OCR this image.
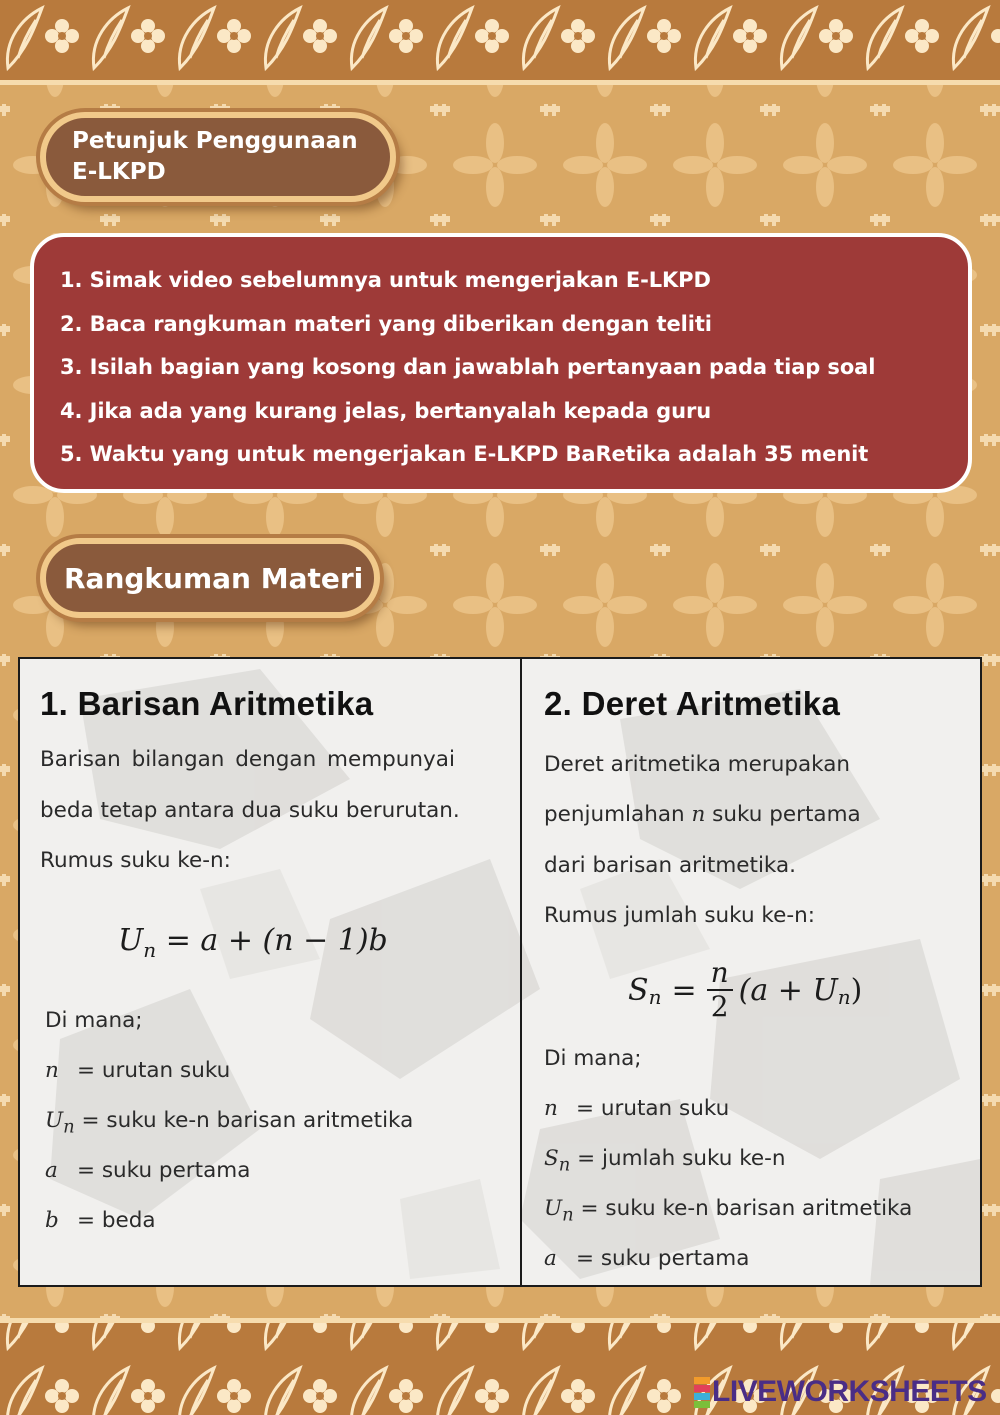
Petunjuk Penggunaan
E-LKPD
1. Simak video sebelumnya untuk mengerjakan E-LKPD
2. Baca rangkuman materi yang diberikan dengan teliti
3. Isilah bagian yang kosong dan jawablah pertanyaan pada tiap soal
4. Jika ada yang kurang jelas, bertanyalah kepada guru
5. Waktu yang untuk mengerjakan E-LKPD BaRetika adalah 35 menit
Rangkuman Materi
1. Barisan Aritmetika
Barisan bilangan dengan mempunyai
beda tetap antara dua suku berurutan.
Rumus suku ke-n:
$U_n = a + (n - 1)b$
Di mana;
n = urutan suku
$U_n$ = suku ke-n barisan aritmetika
a = suku pertama
b = beda
2. Deret Aritmetika
Deret aritmetika merupakan
penjumlahan n suku pertama
dari barisan aritmetika.
Rumus jumlah suku ke-n:
$S_n = \frac{n}{2} (a + U_n$ )
Di mana;
n = urutan suku
$S_n$ = jumlah suku ke-n
$U_n$ = suku ke-n barisan aritmetika
a = suku pertama
LIVEWORKSHEETS
